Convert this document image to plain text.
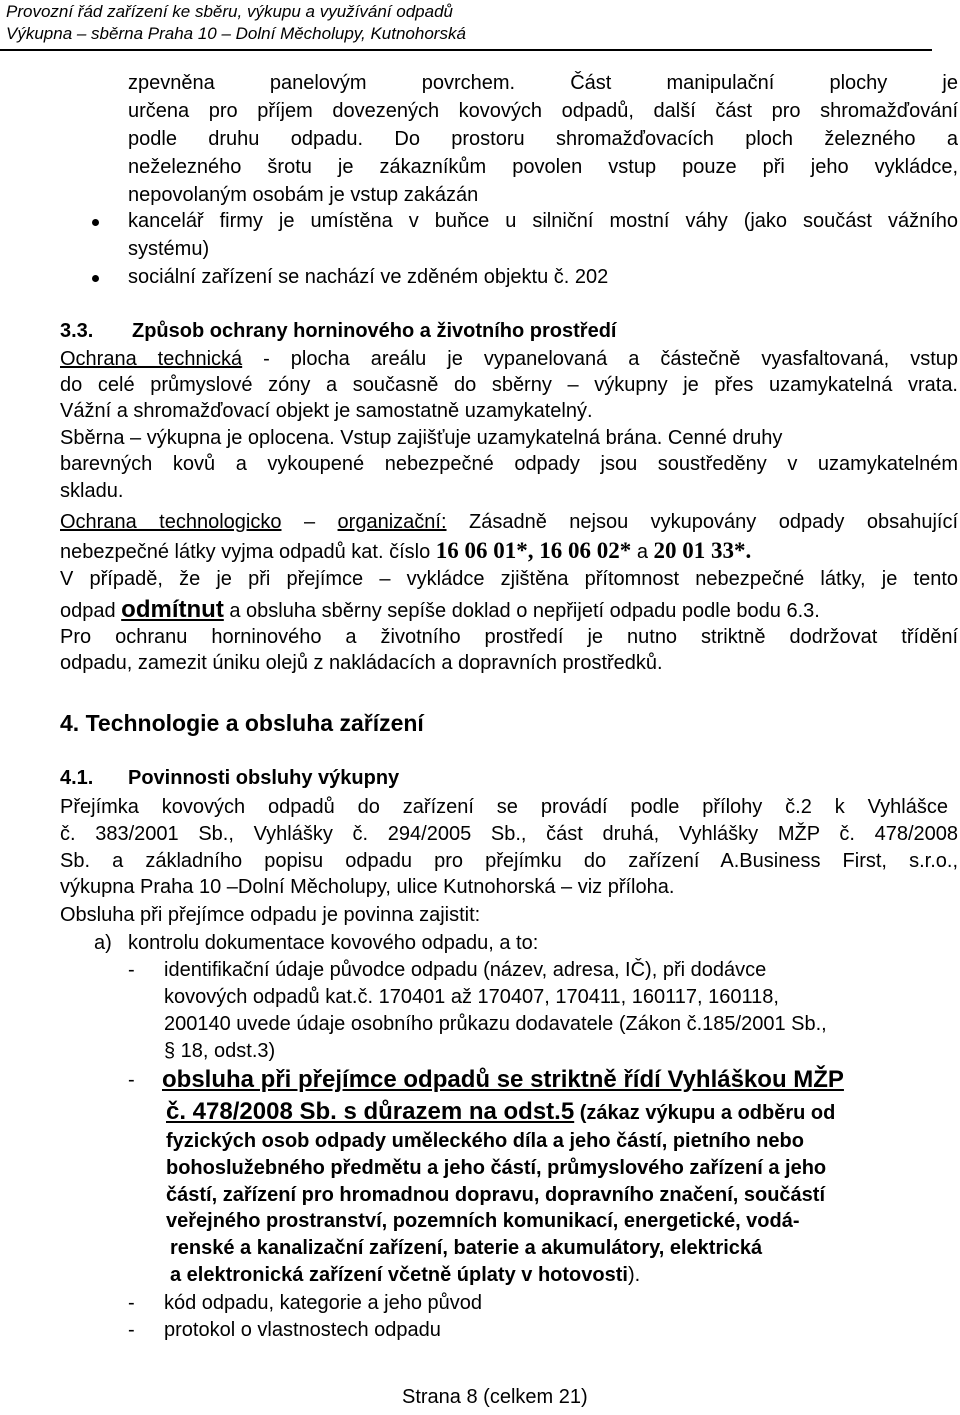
Provozní řád zařízení ke sběru, výkupu a využívání odpadů
Výkupna – sběrna Praha 10 – Dolní Měcholupy, Kutnohorská
zpevněna panelovým povrchem. Část manipulační plochy je
určena pro příjem dovezených kovových odpadů, další část pro shromažďování
podle druhu odpadu. Do prostoru shromažďovacích ploch železného a
neželezného šrotu je zákazníkům povolen vstup pouze při jeho vykládce,
nepovolaným osobám je vstup zakázán
kancelář firmy je umístěna v buňce u silniční mostní váhy (jako součást vážního
systému)
sociální zařízení se nachází ve zděném objektu č. 202
3.3. Způsob ochrany horninového a životního prostředí
Ochrana technická - plocha areálu je vypanelovaná a částečně vyasfaltovaná, vstup
do celé průmyslové zóny a současně do sběrny – výkupny je přes uzamykatelná vrata.
Vážní a shromažďovací objekt je samostatně uzamykatelný.
Sběrna – výkupna je oplocena. Vstup zajišťuje uzamykatelná brána. Cenné druhy
barevných kovů a vykoupené nebezpečné odpady jsou soustředěny v uzamykatelném
skladu.
Ochrana technologicko – organizační: Zásadně nejsou vykupovány odpady obsahující
nebezpečné látky vyjma odpadů kat. číslo 16 06 01*, 16 06 02* a 20 01 33*.
V případě, že je při přejímce – vykládce zjištěna přítomnost nebezpečné látky, je tento
odpad odmítnut a obsluha sběrny sepíše doklad o nepřijetí odpadu podle bodu 6.3.
Pro ochranu horninového a životního prostředí je nutno striktně dodržovat třídění
odpadu, zamezit úniku olejů z nakládacích a dopravních prostředků.
4. Technologie a obsluha zařízení
4.1. Povinnosti obsluhy výkupny
Přejímka kovových odpadů do zařízení se provádí podle přílohy č.2 k Vyhlášce
č. 383/2001 Sb., Vyhlášky č. 294/2005 Sb., část druhá, Vyhlášky MŽP č. 478/2008
Sb. a základního popisu odpadu pro přejímku do zařízení A.Business First, s.r.o.,
výkupna Praha 10 –Dolní Měcholupy, ulice Kutnohorská – viz příloha.
Obsluha při přejímce odpadu je povinna zajistit:
a) kontrolu dokumentace kovového odpadu, a to:
- identifikační údaje původce odpadu (název, adresa, IČ), při dodávce
kovových odpadů kat.č. 170401 až 170407, 170411, 160117, 160118,
200140 uvede údaje osobního průkazu dodavatele (Zákon č.185/2001 Sb.,
§ 18, odst.3)
- obsluha při přejímce odpadů se striktně řídí Vyhláškou MŽP
č. 478/2008 Sb. s důrazem na odst.5 (zákaz výkupu a odběru od
fyzických osob odpady uměleckého díla a jeho částí, pietního nebo
bohoslužebného předmětu a jeho částí, průmyslového zařízení a jeho
částí, zařízení pro hromadnou dopravu, dopravního značení, součástí
veřejného prostranství, pozemních komunikací, energetické, vodá-
renské a kanalizační zařízení, baterie a akumulátory, elektrická
a elektronická zařízení včetně úplaty v hotovosti).
- kód odpadu, kategorie a jeho původ
- protokol o vlastnostech odpadu
Strana 8 (celkem 21)
